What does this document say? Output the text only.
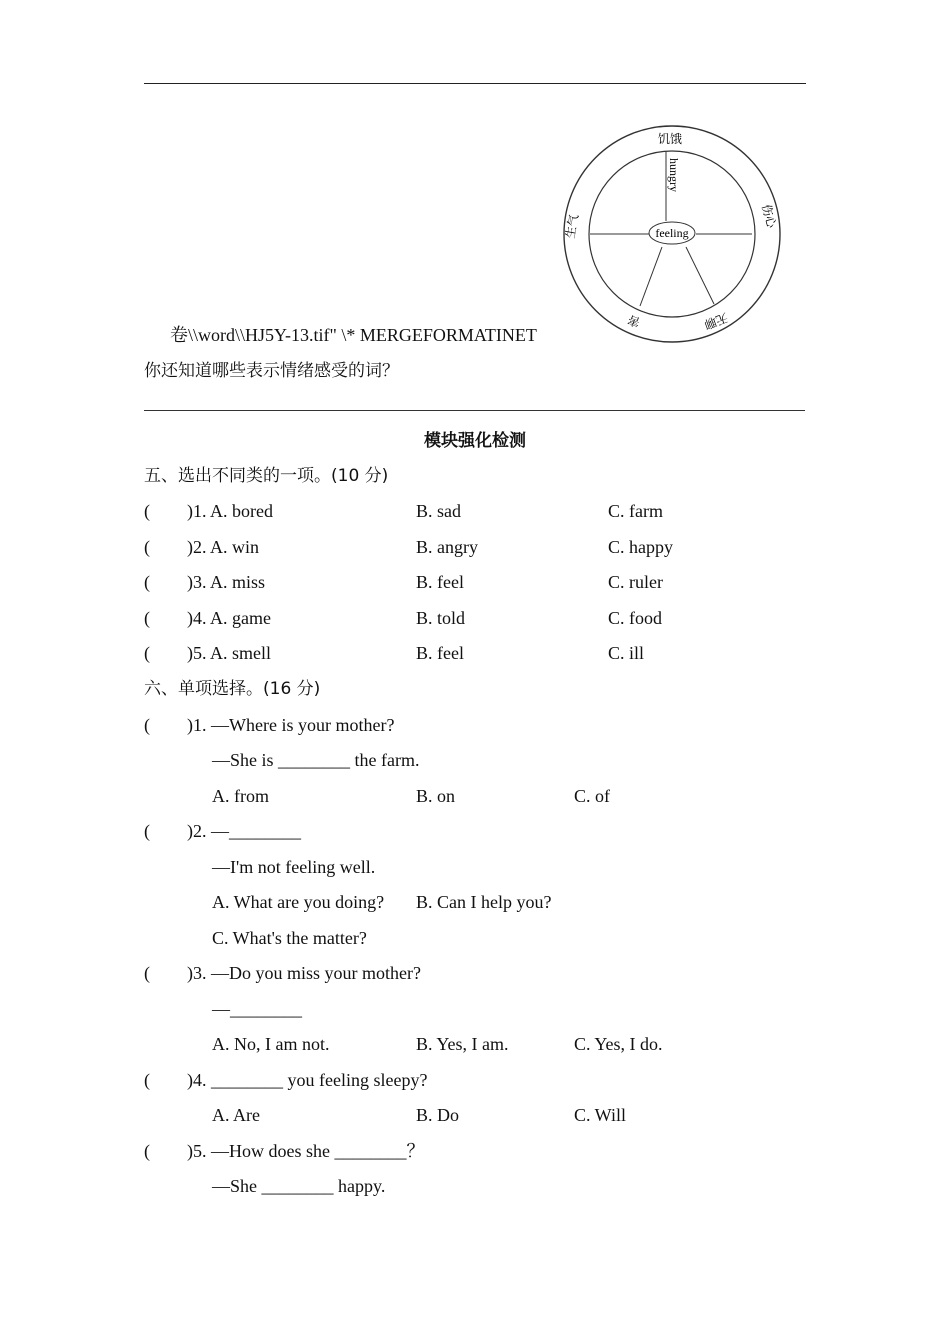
feeling
hungry
饥饿
伤心
生气
害	无聊
卷\\word\\HJ5Y-13.tif" \* MERGEFORMATINET
你还知道哪些表示情绪感受的词？
模块强化检测
五、选出不同类的一项。(10 分)
( )1. A. bored	B. sad	C. farm
( )2. A. win	B. angry	C. happy
( )3. A. miss	B. feel	C. ruler
( )4. A. game	B. told	C. food
( )5. A. smell	B. feel	C. ill
六、单项选择。(16 分)
( )1. —Where is your mother?
—She is ________ the farm.
A. from	B. on	C. of
( )2. —________
—I'm not feeling well.
A. What are you doing? B. Can I help you?
C. What's the matter?
( )3. —Do you miss your mother?
—________
A. No, I am not.	B. Yes, I am.	C. Yes, I do.
( )4. ________ you feeling sleepy?
A. Are	B. Do	C. Will
( )5. —How does she ________？
—She ________ happy.
